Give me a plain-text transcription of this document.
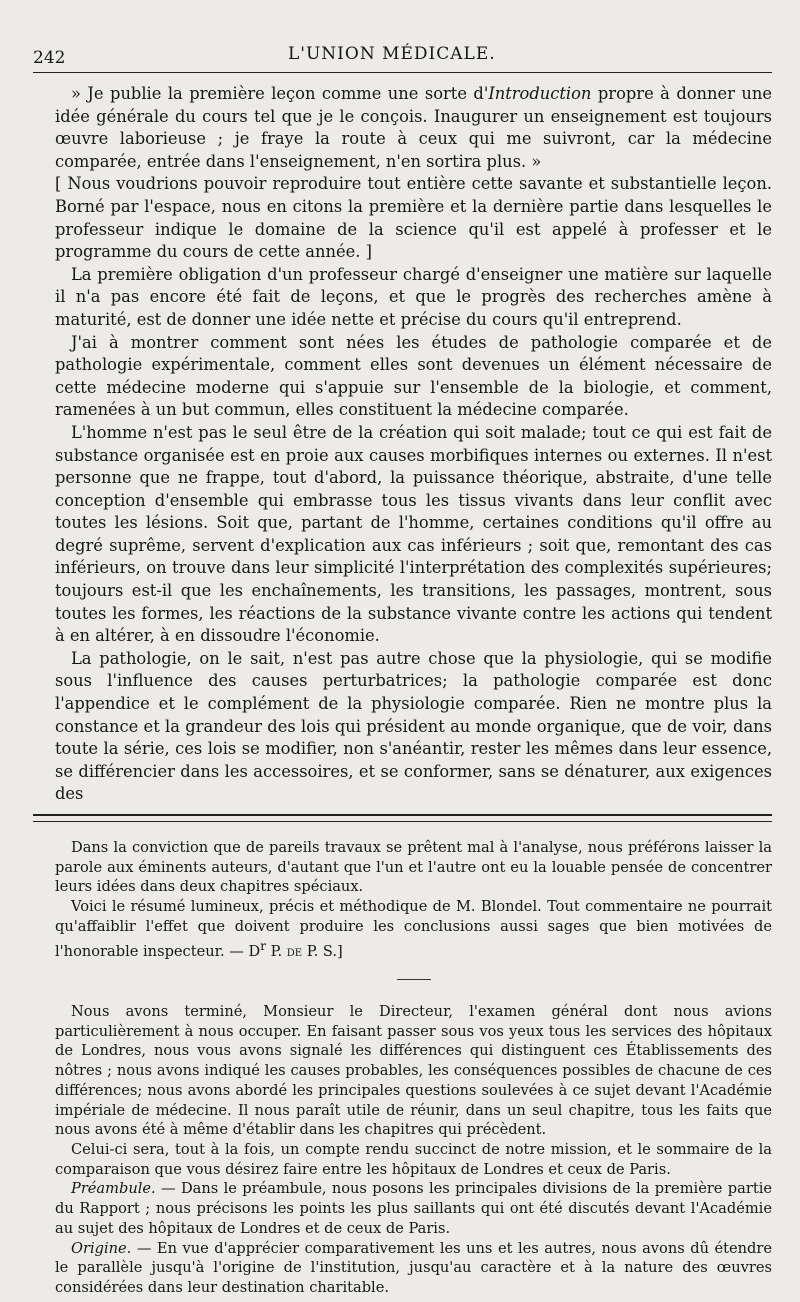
242	L'UNION MÉDICALE.

» Je publie la première leçon comme une sorte d'Introduction propre à donner une idée générale du cours tel que je le conçois. Inaugurer un enseignement est toujours œuvre laborieuse ; je fraye la route à ceux qui me suivront, car la médecine comparée, entrée dans l'enseignement, n'en sortira plus. »

[ Nous voudrions pouvoir reproduire tout entière cette savante et substantielle leçon. Borné par l'espace, nous en citons la première et la dernière partie dans lesquelles le professeur indique le domaine de la science qu'il est appelé à professer et le programme du cours de cette année. ]

La première obligation d'un professeur chargé d'enseigner une matière sur laquelle il n'a pas encore été fait de leçons, et que le progrès des recherches amène à maturité, est de donner une idée nette et précise du cours qu'il entreprend.

J'ai à montrer comment sont nées les études de pathologie comparée et de pathologie expérimentale, comment elles sont devenues un élément nécessaire de cette médecine moderne qui s'appuie sur l'ensemble de la biologie, et comment, ramenées à un but commun, elles constituent la médecine comparée.

L'homme n'est pas le seul être de la création qui soit malade; tout ce qui est fait de substance organisée est en proie aux causes morbifiques internes ou externes. Il n'est personne que ne frappe, tout d'abord, la puissance théorique, abstraite, d'une telle conception d'ensemble qui embrasse tous les tissus vivants dans leur conflit avec toutes les lésions. Soit que, partant de l'homme, certaines conditions qu'il offre au degré suprême, servent d'explication aux cas inférieurs ; soit que, remontant des cas inférieurs, on trouve dans leur simplicité l'interprétation des complexités supérieures; toujours est-il que les enchaînements, les transitions, les passages, montrent, sous toutes les formes, les réactions de la substance vivante contre les actions qui tendent à en altérer, à en dissoudre l'économie.

La pathologie, on le sait, n'est pas autre chose que la physiologie, qui se modifie sous l'influence des causes perturbatrices; la pathologie comparée est donc l'appendice et le complément de la physiologie comparée. Rien ne montre plus la constance et la grandeur des lois qui président au monde organique, que de voir, dans toute la série, ces lois se modifier, non s'anéantir, rester les mêmes dans leur essence, se différencier dans les accessoires, et se conformer, sans se dénaturer, aux exigences des

Dans la conviction que de pareils travaux se prêtent mal à l'analyse, nous préférons laisser la parole aux éminents auteurs, d'autant que l'un et l'autre ont eu la louable pensée de concentrer leurs idées dans deux chapitres spéciaux.

Voici le résumé lumineux, précis et méthodique de M. Blondel. Tout commentaire ne pourrait qu'affaiblir l'effet que doivent produire les conclusions aussi sages que bien motivées de l'honorable inspecteur. — $D^r$ P. de P. S.]

Nous avons terminé, Monsieur le Directeur, l'examen général dont nous avions particulièrement à nous occuper. En faisant passer sous vos yeux tous les services des hôpitaux de Londres, nous vous avons signalé les différences qui distinguent ces Établissements des nôtres ; nous avons indiqué les causes probables, les conséquences possibles de chacune de ces différences; nous avons abordé les principales questions soulevées à ce sujet devant l'Académie impériale de médecine. Il nous paraît utile de réunir, dans un seul chapitre, tous les faits que nous avons été à même d'établir dans les chapitres qui précèdent.

Celui-ci sera, tout à la fois, un compte rendu succinct de notre mission, et le sommaire de la comparaison que vous désirez faire entre les hôpitaux de Londres et ceux de Paris.

Préambule. — Dans le préambule, nous posons les principales divisions de la première partie du Rapport ; nous précisons les points les plus saillants qui ont été discutés devant l'Académie au sujet des hôpitaux de Londres et de ceux de Paris.

Origine. — En vue d'apprécier comparativement les uns et les autres, nous avons dû étendre le parallèle jusqu'à l'origine de l'institution, jusqu'au caractère et à la nature des œuvres considérées dans leur destination charitable.
